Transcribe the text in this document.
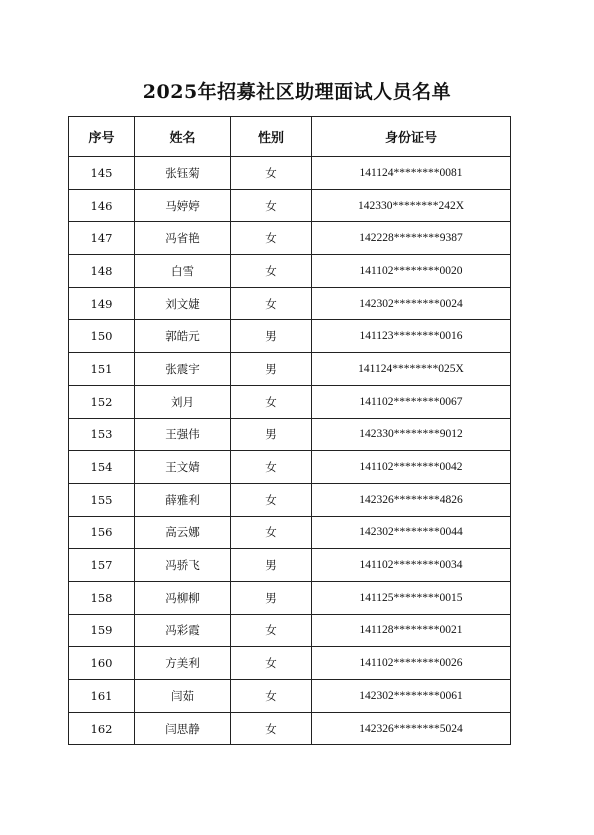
2025年招募社区助理面试人员名单
序号	姓名	性别	身份证号
145	张钰菊	女	141124********0081
146	马婷婷	女	142330********242X
147	冯省艳	女	142228********9387
148	白雪	女	141102********0020
149	刘文婕	女	142302********0024
150	郭皓元	男	141123********0016
151	张震宇	男	141124********025X
152	刘月	女	141102********0067
153	王强伟	男	142330********9012
154	王文婧	女	141102********0042
155	薛雅利	女	142326********4826
156	高云娜	女	142302********0044
157	冯骄飞	男	141102********0034
158	冯柳柳	男	141125********0015
159	冯彩霞	女	141128********0021
160	方美利	女	141102********0026
161	闫茹	女	142302********0061
162	闫思静	女	142326********5024
